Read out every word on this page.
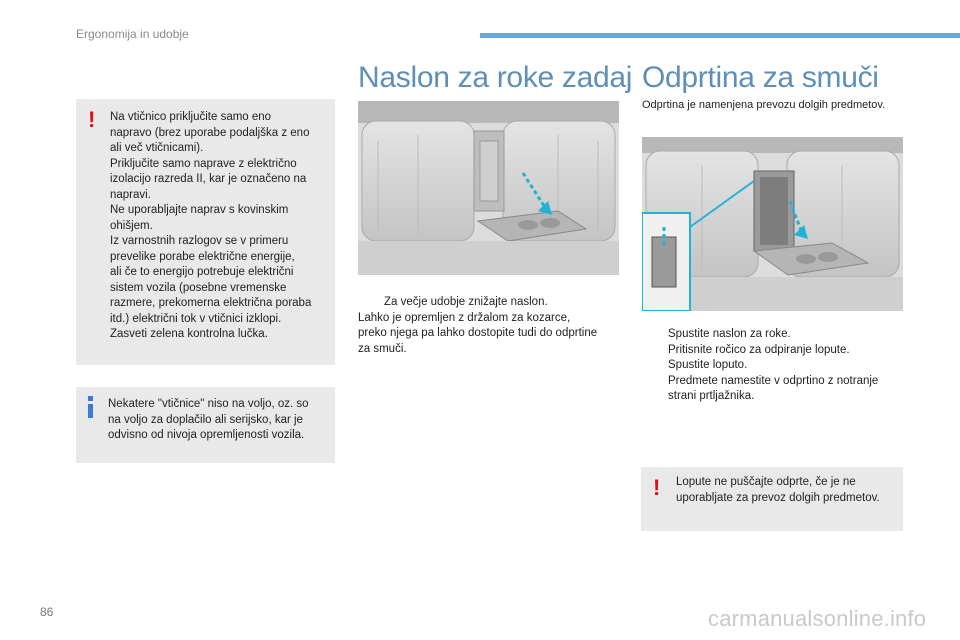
Ergonomija in udobje
! Na vtičnico priključite samo eno

napravo (brez uporabe podaljška z eno

ali več vtičnicami).

Priključite samo naprave z električno

izolacijo razreda II, kar je označeno na

napravi.

Ne uporabljajte naprav s kovinskim

ohišjem.

Iz varnostnih razlogov se v primeru

prevelike porabe električne energije,

ali če to energijo potrebuje električni

sistem vozila (posebne vremenske

razmere, prekomerna električna poraba

itd.) električni tok v vtičnici izklopi.

Zasveti zelena kontrolna lučka.

Nekatere "vtičnice" niso na voljo, oz. so

na voljo za doplačilo ali serijsko, kar je

odvisno od nivoja opremljenosti vozila.

Naslon za roke zadaj

Za večje udobje znižajte naslon.

Lahko je opremljen z držalom za kozarce,

preko njega pa lahko dostopite tudi do odprtine

za smuči.

Odprtina za smuči
Odprtina je namenjena prevozu dolgih predmetov.

Spustite naslon za roke.

Pritisnite ročico za odpiranje lopute.

Spustite loputo.

Predmete namestite v odprtino z notranje

strani prtljažnika.

! Lopute ne puščajte odprte, če je ne

uporabljate za prevoz dolgih predmetov.

86	carmanualsonline.info
